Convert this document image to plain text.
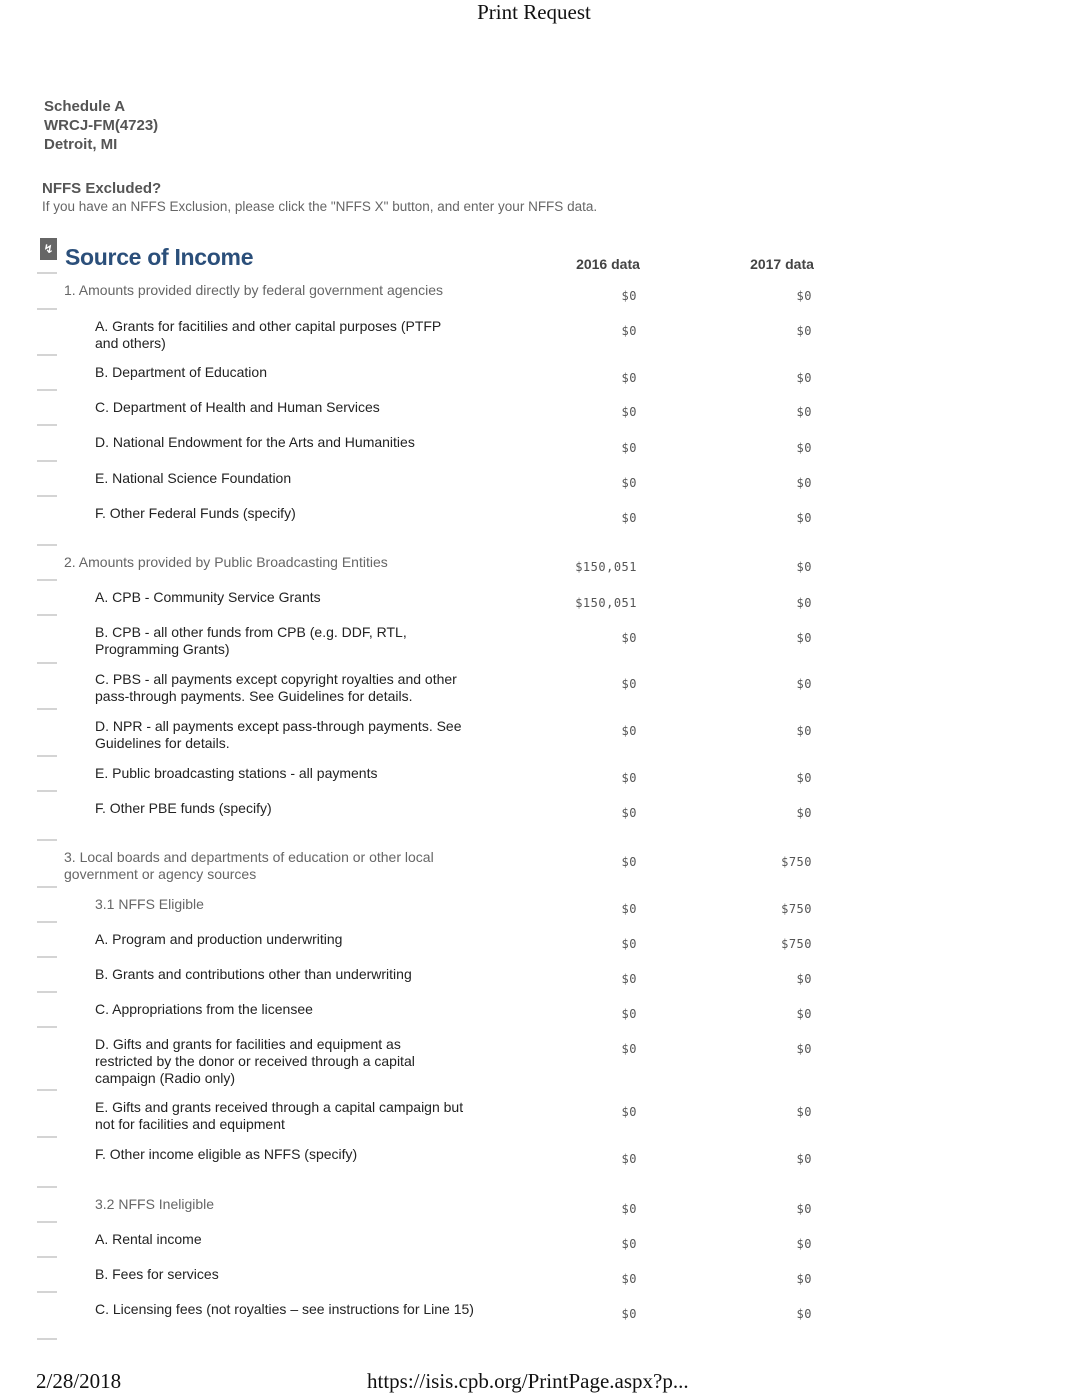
Print Request
Schedule A
WRCJ-FM(4723)
Detroit, MI
NFFS Excluded?
If you have an NFFS Exclusion, please click the "NFFS X" button, and enter your NFFS data.
↯ Source of Income	2016 data	2017 data
1. Amounts provided directly by federal government agencies	$0	$0
A. Grants for facitilies and other capital purposes (PTFP and others)
$0	$0
B. Department of Education	$0	$0
C. Department of Health and Human Services	$0	$0
D. National Endowment for the Arts and Humanities	$0	$0
E. National Science Foundation	$0	$0
F. Other Federal Funds (specify)	$0	$0
2. Amounts provided by Public Broadcasting Entities	$150,051	$0
A. CPB - Community Service Grants	$150,051	$0
B. CPB - all other funds from CPB (e.g. DDF, RTL, Programming Grants)
$0	$0
C. PBS - all payments except copyright royalties and other pass-through payments. See Guidelines for details.
$0	$0
D. NPR - all payments except pass-through payments. See Guidelines for details.
$0	$0
E. Public broadcasting stations - all payments	$0	$0
F. Other PBE funds (specify)	$0	$0
3. Local boards and departments of education or other local government or agency sources
$0	$750
3.1 NFFS Eligible	$0	$750
A. Program and production underwriting	$0	$750
B. Grants and contributions other than underwriting	$0	$0
C. Appropriations from the licensee	$0	$0
D. Gifts and grants for facilities and equipment as restricted by the donor or received through a capital campaign (Radio only)
$0	$0
E. Gifts and grants received through a capital campaign but not for facilities and equipment
$0	$0
F. Other income eligible as NFFS (specify)	$0	$0
3.2 NFFS Ineligible	$0	$0
A. Rental income	$0	$0
B. Fees for services	$0	$0
C. Licensing fees (not royalties – see instructions for Line 15)	$0	$0
2/28/2018	https://isis.cpb.org/PrintPage.aspx?p...
